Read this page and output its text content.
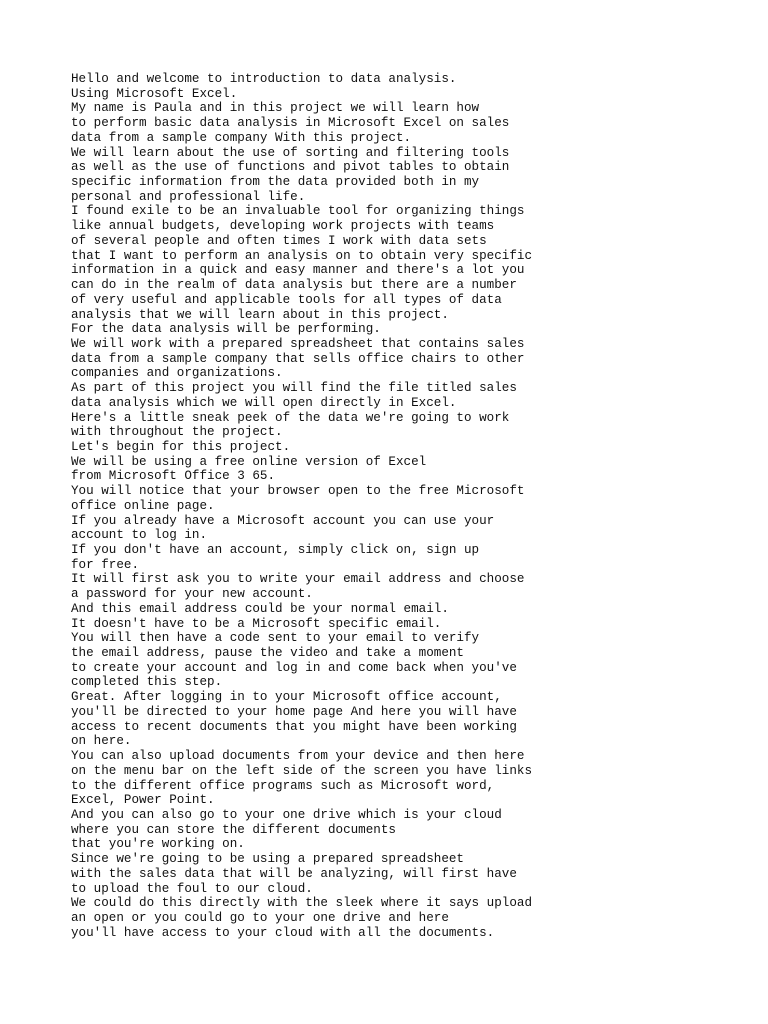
Hello and welcome to introduction to data analysis.

Using Microsoft Excel.

My name is Paula and in this project we will learn how

to perform basic data analysis in Microsoft Excel on sales

data from a sample company With this project.

We will learn about the use of sorting and filtering tools

as well as the use of functions and pivot tables to obtain

specific information from the data provided both in my

personal and professional life.

I found exile to be an invaluable tool for organizing things

like annual budgets, developing work projects with teams

of several people and often times I work with data sets

that I want to perform an analysis on to obtain very specific

information in a quick and easy manner and there's a lot you

can do in the realm of data analysis but there are a number

of very useful and applicable tools for all types of data

analysis that we will learn about in this project.

For the data analysis will be performing.

We will work with a prepared spreadsheet that contains sales

data from a sample company that sells office chairs to other

companies and organizations.

As part of this project you will find the file titled sales

data analysis which we will open directly in Excel.

Here's a little sneak peek of the data we're going to work

with throughout the project.

Let's begin for this project.

We will be using a free online version of Excel

from Microsoft Office 3 65.

You will notice that your browser open to the free Microsoft

office online page.

If you already have a Microsoft account you can use your

account to log in.

If you don't have an account, simply click on, sign up

for free.

It will first ask you to write your email address and choose

a password for your new account.

And this email address could be your normal email.

It doesn't have to be a Microsoft specific email.

You will then have a code sent to your email to verify

the email address, pause the video and take a moment

to create your account and log in and come back when you've

completed this step.

Great. After logging in to your Microsoft office account,

you'll be directed to your home page And here you will have

access to recent documents that you might have been working

on here.

You can also upload documents from your device and then here

on the menu bar on the left side of the screen you have links

to the different office programs such as Microsoft word,

Excel, Power Point.

And you can also go to your one drive which is your cloud

where you can store the different documents

that you're working on.

Since we're going to be using a prepared spreadsheet

with the sales data that will be analyzing, will first have

to upload the foul to our cloud.

We could do this directly with the sleek where it says upload

an open or you could go to your one drive and here

you'll have access to your cloud with all the documents.
